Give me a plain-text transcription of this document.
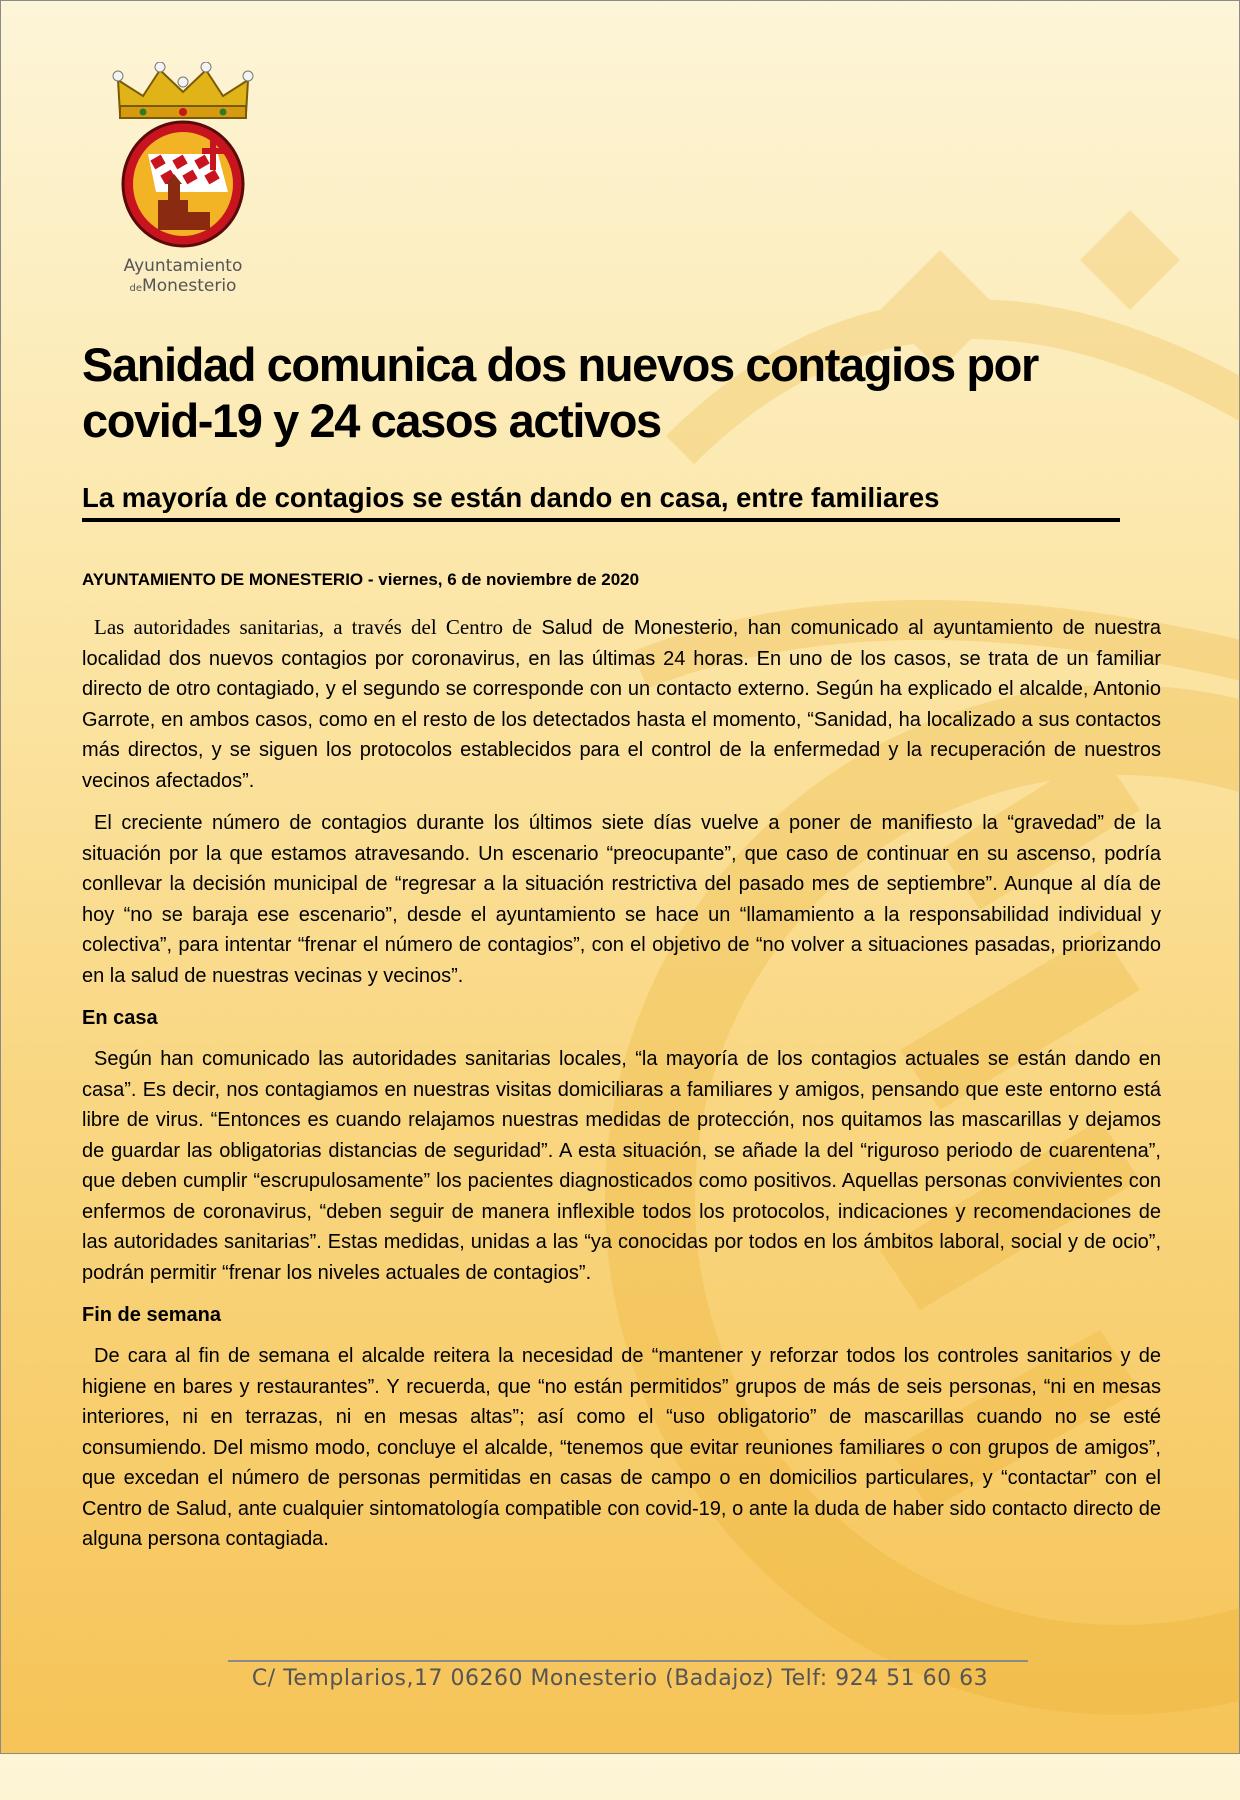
Ayuntamiento
deMonesterio
Sanidad comunica dos nuevos contagios por covid-19 y 24 casos activos
La mayoría de contagios se están dando en casa, entre familiares

AYUNTAMIENTO DE MONESTERIO - viernes, 6 de noviembre de 2020

Las autoridades sanitarias, a través del Centro de Salud de Monesterio, han comunicado al ayuntamiento de nuestra localidad dos nuevos contagios por coronavirus, en las últimas 24 horas. En uno de los casos, se trata de un familiar directo de otro contagiado, y el segundo se corresponde con un contacto externo. Según ha explicado el alcalde, Antonio Garrote, en ambos casos, como en el resto de los detectados hasta el momento, “Sanidad, ha localizado a sus contactos más directos, y se siguen los protocolos establecidos para el control de la enfermedad y la recuperación de nuestros vecinos afectados”.

El creciente número de contagios durante los últimos siete días vuelve a poner de manifiesto la “gravedad” de la situación por la que estamos atravesando. Un escenario “preocupante”, que caso de continuar en su ascenso, podría conllevar la decisión municipal de “regresar a la situación restrictiva del pasado mes de septiembre”. Aunque al día de hoy “no se baraja ese escenario”, desde el ayuntamiento se hace un “llamamiento a la responsabilidad individual y colectiva”, para intentar “frenar el número de contagios”, con el objetivo de “no volver a situaciones pasadas, priorizando en la salud de nuestras vecinas y vecinos”.

En casa

Según han comunicado las autoridades sanitarias locales, “la mayoría de los contagios actuales se están dando en casa”. Es decir, nos contagiamos en nuestras visitas domiciliaras a familiares y amigos, pensando que este entorno está libre de virus. “Entonces es cuando relajamos nuestras medidas de protección, nos quitamos las mascarillas y dejamos de guardar las obligatorias distancias de seguridad”. A esta situación, se añade la del “riguroso periodo de cuarentena”, que deben cumplir “escrupulosamente” los pacientes diagnosticados como positivos. Aquellas personas convivientes con enfermos de coronavirus, “deben seguir de manera inflexible todos los protocolos, indicaciones y recomendaciones de las autoridades sanitarias”. Estas medidas, unidas a las “ya conocidas por todos en los ámbitos laboral, social y de ocio”, podrán permitir “frenar los niveles actuales de contagios”.

Fin de semana

De cara al fin de semana el alcalde reitera la necesidad de “mantener y reforzar todos los controles sanitarios y de higiene en bares y restaurantes”. Y recuerda, que “no están permitidos” grupos de más de seis personas, “ni en mesas interiores, ni en terrazas, ni en mesas altas”; así como el “uso obligatorio” de mascarillas cuando no se esté consumiendo. Del mismo modo, concluye el alcalde, “tenemos que evitar reuniones familiares o con grupos de amigos”, que excedan el número de personas permitidas en casas de campo o en domicilios particulares, y “contactar” con el Centro de Salud, ante cualquier sintomatología compatible con covid-19, o ante la duda de haber sido contacto directo de alguna persona contagiada.

C/ Templarios,17 06260 Monesterio (Badajoz) Telf: 924 51 60 63
